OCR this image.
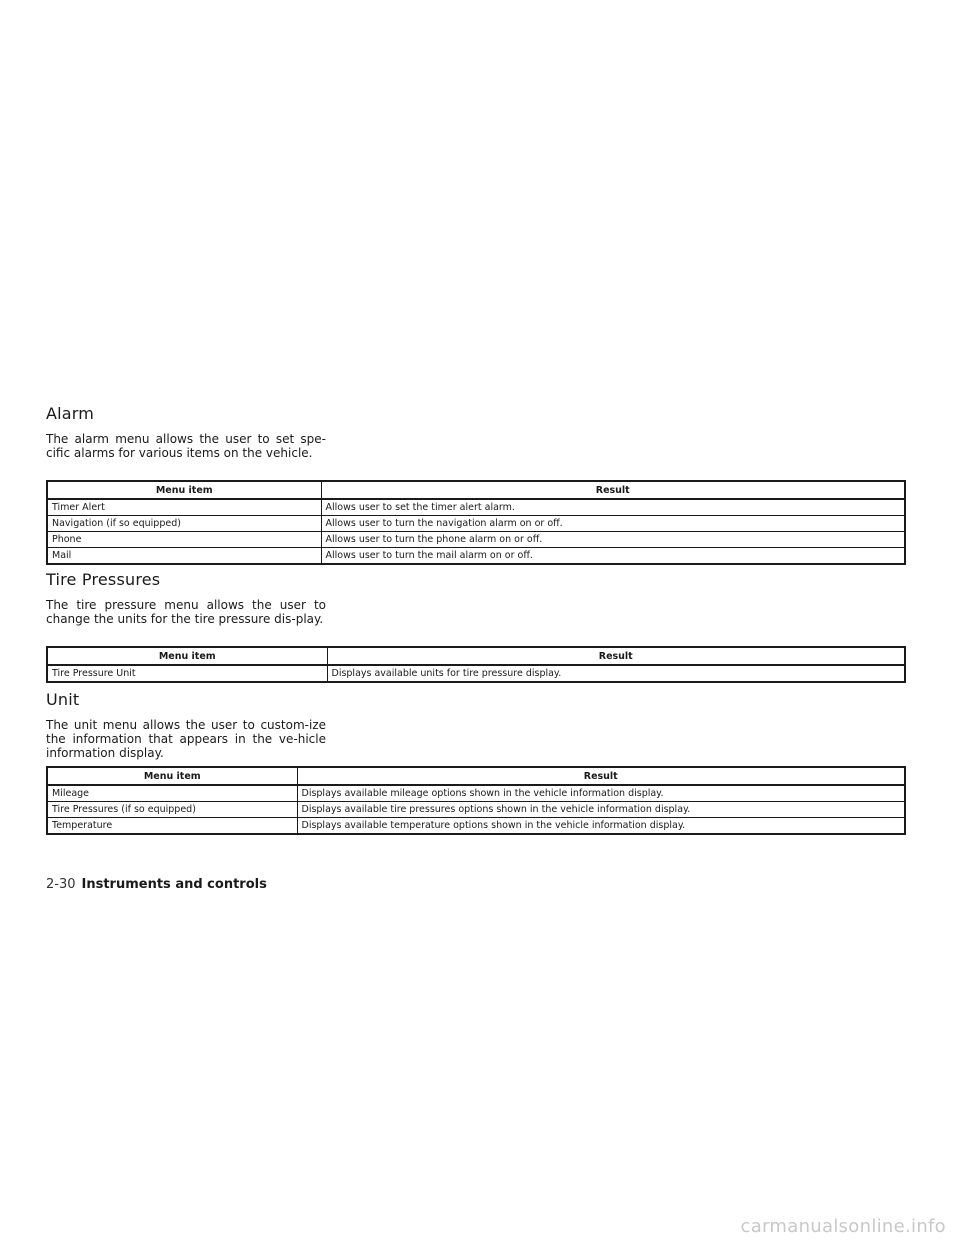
Alarm

The alarm menu allows the user to set spe-cific alarms for various items on the vehicle.

Menu item	Result
Timer Alert	Allows user to set the timer alert alarm.
Navigation (if so equipped)	Allows user to turn the navigation alarm on or off.
Phone	Allows user to turn the phone alarm on or off.
Mail	Allows user to turn the mail alarm on or off.
Tire Pressures

The tire pressure menu allows the user to change the units for the tire pressure dis-play.

Menu item	Result
Tire Pressure Unit	Displays available units for tire pressure display.
Unit

The unit menu allows the user to custom-ize the information that appears in the ve-hicle information display.

Menu item	Result
Mileage	Displays available mileage options shown in the vehicle information display.
Tire Pressures (if so equipped)	Displays available tire pressures options shown in the vehicle information display.
Temperature	Displays available temperature options shown in the vehicle information display.
2-30 Instruments and controls
carmanualsonline.info
